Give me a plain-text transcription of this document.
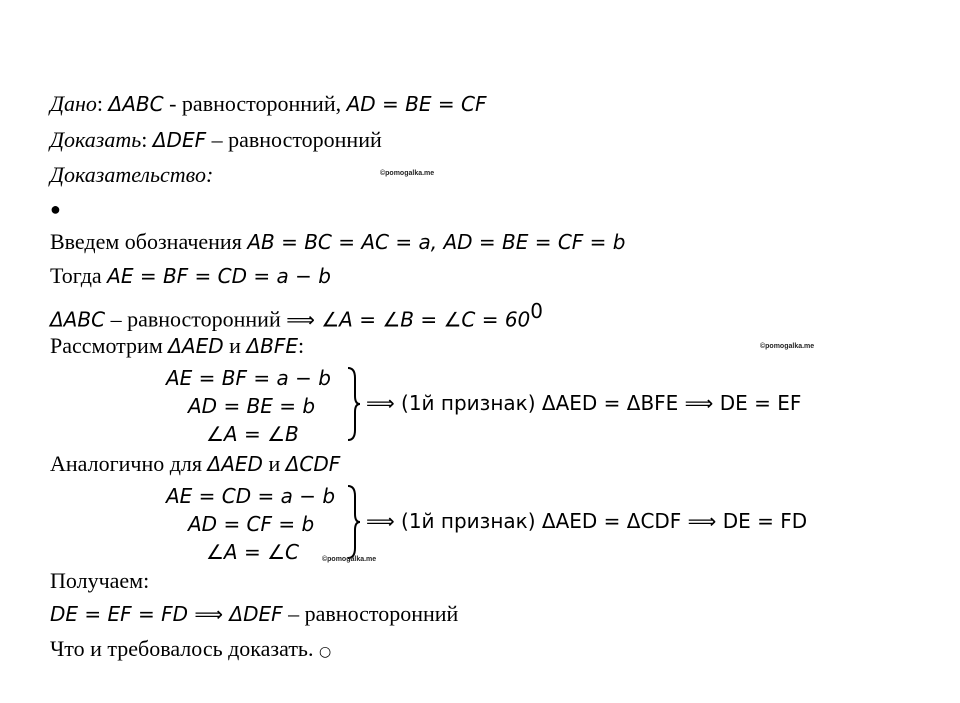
Дано: ΔABC - равносторонний, AD = BE = CF
Доказать: ΔDEF – равносторонний
Доказательство:	©pomogalka.me
●
Введем обозначения AB = BC = AC = a, AD = BE = CF = b
Тогда AE = BF = CD = a − b
ΔABC – равносторонний ⟹ ∠A = ∠B = ∠C = $60^0$
Рассмотрим ΔAED и ΔBFE:	©pomogalka.me
AE = BF = a − b
AD = BE = b
∠A = ∠B
⟹ (1й признак) ΔAED = ΔBFE ⟹ DE = EF
Аналогично для ΔAED и ΔCDF
AE = CD = a − b
AD = CF = b
∠A = ∠C
⟹ (1й признак) ΔAED = ΔCDF ⟹ DE = FD
©pomogalka.me
Получаем:
DE = EF = FD ⟹ ΔDEF – равносторонний
Что и требовалось доказать. ○
